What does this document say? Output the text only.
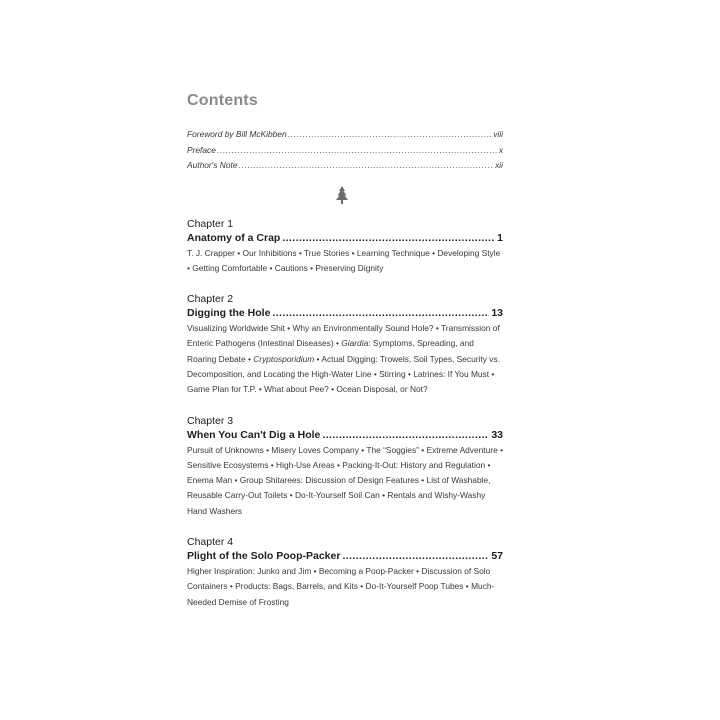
Contents
Foreword by Bill McKibben .....	viii
Preface .....	x
Author's Note .....	xii
Chapter 1
Anatomy of a Crap .....	1

T. J. Crapper • Our Inhibitions • True Stories • Learning Technique • Developing Style • Getting Comfortable • Cautions • Preserving Dignity

Chapter 2
Digging the Hole .....	13

Visualizing Worldwide Shit • Why an Environmentally Sound Hole? • Transmission of Enteric Pathogens (Intestinal Diseases) • Giardia: Symptoms, Spreading, and Roaring Debate • Cryptosporidium • Actual Digging: Trowels, Soil Types, Security vs. Decomposition, and Locating the High-Water Line • Stirring • Latrines: If You Must • Game Plan for T.P. • What about Pee? • Ocean Disposal, or Not?

Chapter 3
When You Can't Dig a Hole .....	33

Pursuit of Unknowns • Misery Loves Company • The “Soggies” • Extreme Adventure • Sensitive Ecosystems • High-Use Areas • Packing-It-Out: History and Regulation • Enema Man • Group Shitarees: Discussion of Design Features • List of Washable, Reusable Carry-Out Toilets • Do-It-Yourself Soil Can • Rentals and Wishy-Washy Hand Washers

Chapter 4
Plight of the Solo Poop-Packer .....	57

Higher Inspiration: Junko and Jim • Becoming a Poop-Packer • Discussion of Solo Containers • Products: Bags, Barrels, and Kits • Do-It-Yourself Poop Tubes • Much-Needed Demise of Frosting
